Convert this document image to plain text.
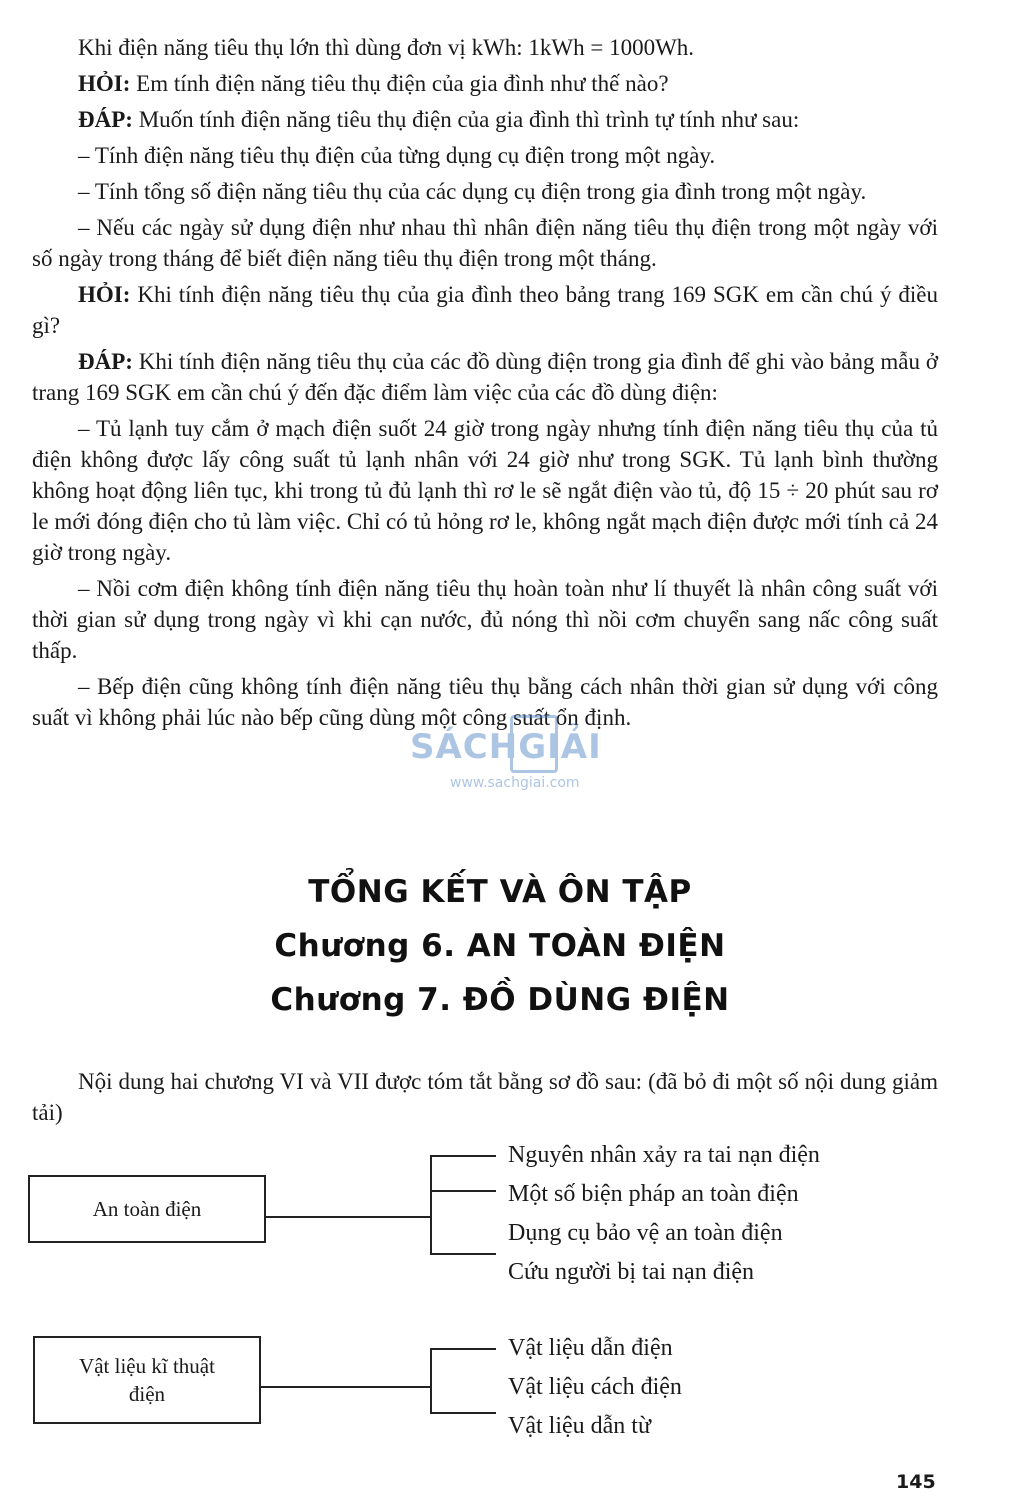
Khi điện năng tiêu thụ lớn thì dùng đơn vị kWh: 1kWh = 1000Wh.

HỎI: Em tính điện năng tiêu thụ điện của gia đình như thế nào?

ĐÁP: Muốn tính điện năng tiêu thụ điện của gia đình thì trình tự tính như sau:

– Tính điện năng tiêu thụ điện của từng dụng cụ điện trong một ngày.

– Tính tổng số điện năng tiêu thụ của các dụng cụ điện trong gia đình trong một ngày.

– Nếu các ngày sử dụng điện như nhau thì nhân điện năng tiêu thụ điện trong một ngày với số ngày trong tháng để biết điện năng tiêu thụ điện trong một tháng.

HỎI: Khi tính điện năng tiêu thụ của gia đình theo bảng trang 169 SGK em cần chú ý điều gì?

ĐÁP: Khi tính điện năng tiêu thụ của các đồ dùng điện trong gia đình để ghi vào bảng mẫu ở trang 169 SGK em cần chú ý đến đặc điểm làm việc của các đồ dùng điện:

– Tủ lạnh tuy cắm ở mạch điện suốt 24 giờ trong ngày nhưng tính điện năng tiêu thụ của tủ điện không được lấy công suất tủ lạnh nhân với 24 giờ như trong SGK. Tủ lạnh bình thường không hoạt động liên tục, khi trong tủ đủ lạnh thì rơ le sẽ ngắt điện vào tủ, độ 15 ÷ 20 phút sau rơ le mới đóng điện cho tủ làm việc. Chỉ có tủ hỏng rơ le, không ngắt mạch điện được mới tính cả 24 giờ trong ngày.

– Nồi cơm điện không tính điện năng tiêu thụ hoàn toàn như lí thuyết là nhân công suất với thời gian sử dụng trong ngày vì khi cạn nước, đủ nóng thì nồi cơm chuyển sang nấc công suất thấp.

– Bếp điện cũng không tính điện năng tiêu thụ bằng cách nhân thời gian sử dụng với công suất vì không phải lúc nào bếp cũng dùng một công suất ổn định.

SÁCHGIẢI
www.sachgiai.com
TỔNG KẾT VÀ ÔN TẬP
Chương 6. AN TOÀN ĐIỆN
Chương 7. ĐỒ DÙNG ĐIỆN

Nội dung hai chương VI và VII được tóm tắt bằng sơ đồ sau: (đã bỏ đi một số nội dung giảm tải)

An toàn điện
Nguyên nhân xảy ra tai nạn điện
Một số biện pháp an toàn điện
Dụng cụ bảo vệ an toàn điện
Cứu người bị tai nạn điện
Vật liệu kĩ thuật
điện
Vật liệu dẫn điện
Vật liệu cách điện
Vật liệu dẫn từ
145
